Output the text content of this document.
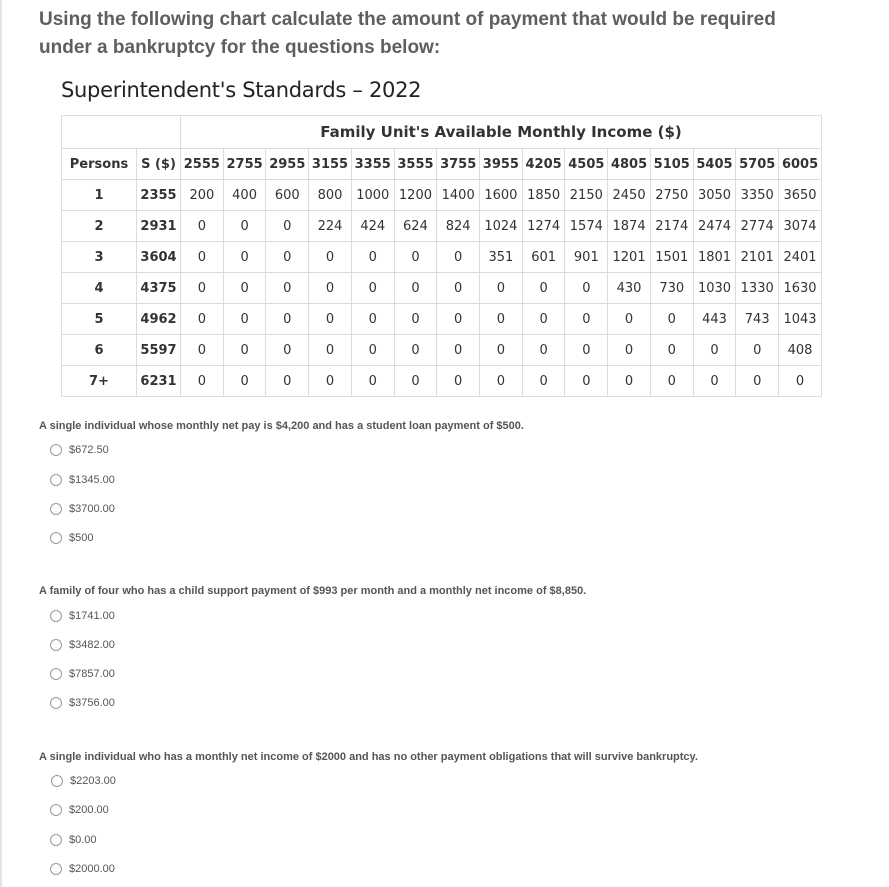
Using the following chart calculate the amount of payment that would be required
under a bankruptcy for the questions below:
Superintendent's Standards – 2022
		Family Unit's Available Monthly Income ($)														
Persons	S ($)	2555	2755	2955	3155	3355	3555	3755	3955	4205	4505	4805	5105	5405	5705	6005
1	2355	200	400	600	800	1000	1200	1400	1600	1850	2150	2450	2750	3050	3350	3650
2	2931	0	0	0	224	424	624	824	1024	1274	1574	1874	2174	2474	2774	3074
3	3604	0	0	0	0	0	0	0	351	601	901	1201	1501	1801	2101	2401
4	4375	0	0	0	0	0	0	0	0	0	0	430	730	1030	1330	1630
5	4962	0	0	0	0	0	0	0	0	0	0	0	0	443	743	1043
6	5597	0	0	0	0	0	0	0	0	0	0	0	0	0	0	408
7+	6231	0	0	0	0	0	0	0	0	0	0	0	0	0	0	0
A single individual whose monthly net pay is $4,200 and has a student loan payment of $500.
$672.50
$1345.00
$3700.00
$500
A family of four who has a child support payment of $993 per month and a monthly net income of $8,850.
$1741.00
$3482.00
$7857.00
$3756.00
A single individual who has a monthly net income of $2000 and has no other payment obligations that will survive bankruptcy.
$2203.00
$200.00
$0.00
$2000.00
